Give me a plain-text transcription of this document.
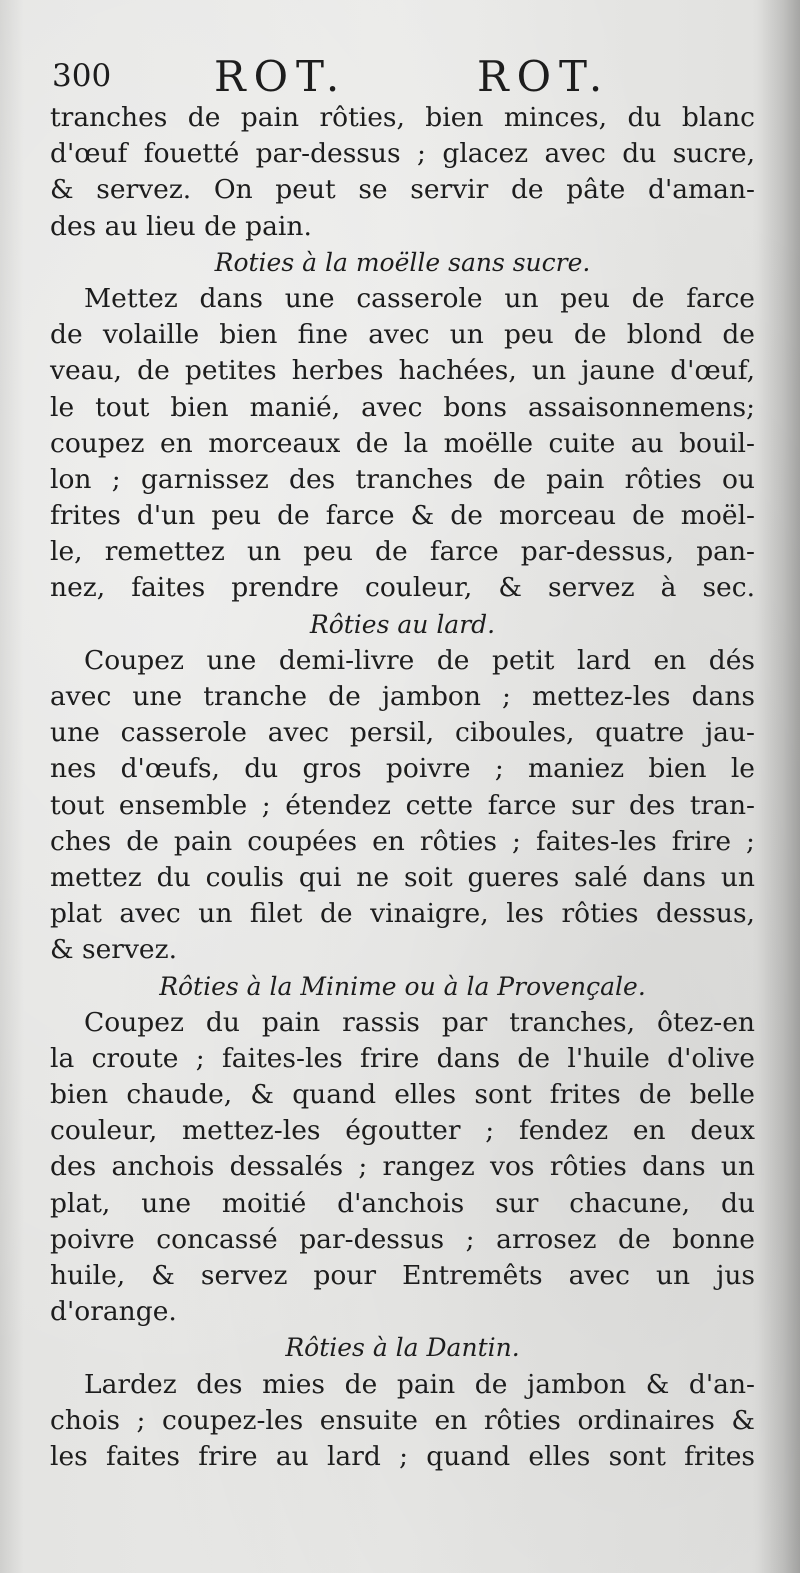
300 ROT.	ROT.
tranches de pain rôties, bien minces, du blanc
d'œuf fouetté par-dessus ; glacez avec du sucre,
& servez. On peut se servir de pâte d'aman-
des au lieu de pain.
Roties à la moëlle sans sucre.
Mettez dans une casserole un peu de farce
de volaille bien fine avec un peu de blond de
veau, de petites herbes hachées, un jaune d'œuf,
le tout bien manié, avec bons assaisonnemens;
coupez en morceaux de la moëlle cuite au bouil-
lon ; garnissez des tranches de pain rôties ou
frites d'un peu de farce & de morceau de moël-
le, remettez un peu de farce par-dessus, pan-
nez, faites prendre couleur, & servez à sec.
Rôties au lard.
Coupez une demi-livre de petit lard en dés
avec une tranche de jambon ; mettez-les dans
une casserole avec persil, ciboules, quatre jau-
nes d'œufs, du gros poivre ; maniez bien le
tout ensemble ; étendez cette farce sur des tran-
ches de pain coupées en rôties ; faites-les frire ;
mettez du coulis qui ne soit gueres salé dans un
plat avec un filet de vinaigre, les rôties dessus,
& servez.
Rôties à la Minime ou à la Provençale.
Coupez du pain rassis par tranches, ôtez-en
la croute ; faites-les frire dans de l'huile d'olive
bien chaude, & quand elles sont frites de belle
couleur, mettez-les égoutter ; fendez en deux
des anchois dessalés ; rangez vos rôties dans un
plat, une moitié d'anchois sur chacune, du
poivre concassé par-dessus ; arrosez de bonne
huile, & servez pour Entremêts avec un jus
d'orange.
Rôties à la Dantin.
Lardez des mies de pain de jambon & d'an-
chois ; coupez-les ensuite en rôties ordinaires &
les faites frire au lard ; quand elles sont frites
